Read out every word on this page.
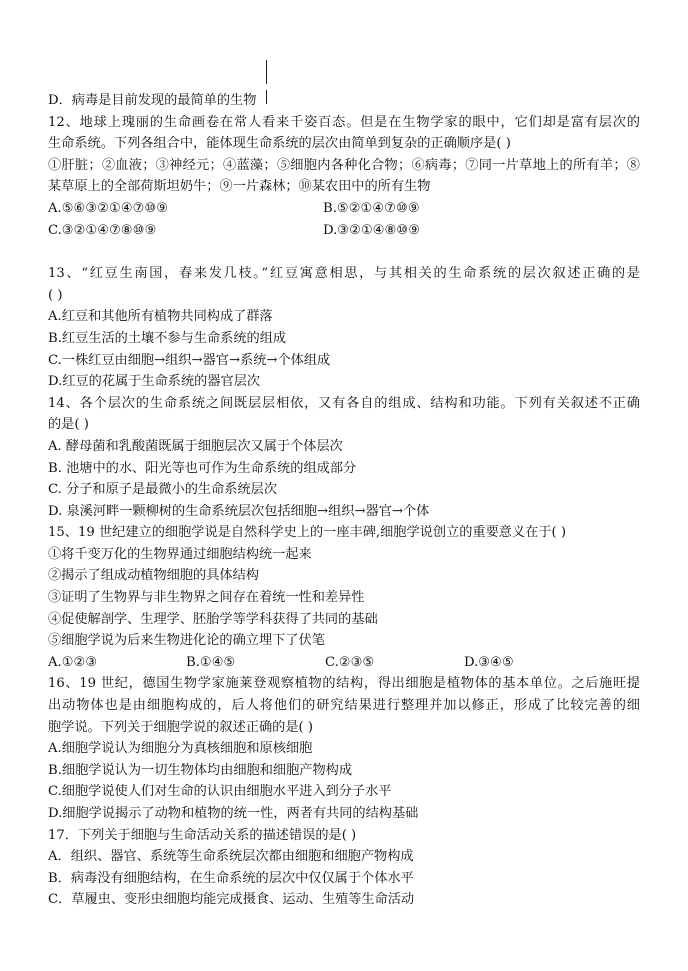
D．病毒是目前发现的最简单的生物
12、地球上瑰丽的生命画卷在常人看来千姿百态。但是在生物学家的眼中，它们却是富有层次的
生命系统。下列各组合中，能体现生命系统的层次由简单到复杂的正确顺序是( )
①肝脏；②血液；③神经元；④蓝藻；⑤细胞内各种化合物；⑥病毒；⑦同一片草地上的所有羊；⑧
某草原上的全部荷斯坦奶牛；⑨一片森林；⑩某农田中的所有生物
A.⑤⑥③②①④⑦⑩⑨	B.⑤②①④⑦⑩⑨
C.③②①④⑦⑧⑩⑨	D.③②①④⑧⑩⑨
13、“红豆生南国，春来发几枝。”红豆寓意相思，与其相关的生命系统的层次叙述正确的是
( )
A.红豆和其他所有植物共同构成了群落
B.红豆生活的土壤不参与生命系统的组成
C.一株红豆由细胞→组织→器官→系统→个体组成
D.红豆的花属于生命系统的器官层次
14、各个层次的生命系统之间既层层相依，又有各自的组成、结构和功能。下列有关叙述不正确
的是( )
A. 酵母菌和乳酸菌既属于细胞层次又属于个体层次
B. 池塘中的水、阳光等也可作为生命系统的组成部分
C. 分子和原子是最微小的生命系统层次
D. 泉溪河畔一颗柳树的生命系统层次包括细胞→组织→器官→个体
15、19 世纪建立的细胞学说是自然科学史上的一座丰碑,细胞学说创立的重要意义在于( )
①将千变万化的生物界通过细胞结构统一起来
②揭示了组成动植物细胞的具体结构
③证明了生物界与非生物界之间存在着统一性和差异性
④促使解剖学、生理学、胚胎学等学科获得了共同的基础
⑤细胞学说为后来生物进化论的确立埋下了伏笔
A.①②③	B.①④⑤	C.②③⑤	D.③④⑤
16、19 世纪，德国生物学家施莱登观察植物的结构，得出细胞是植物体的基本单位。之后施旺提
出动物体也是由细胞构成的，后人将他们的研究结果进行整理并加以修正，形成了比较完善的细
胞学说。下列关于细胞学说的叙述正确的是( )
A.细胞学说认为细胞分为真核细胞和原核细胞
B.细胞学说认为一切生物体均由细胞和细胞产物构成
C.细胞学说使人们对生命的认识由细胞水平进入到分子水平
D.细胞学说揭示了动物和植物的统一性，两者有共同的结构基础
17．下列关于细胞与生命活动关系的描述错误的是( )
A．组织、器官、系统等生命系统层次都由细胞和细胞产物构成
B．病毒没有细胞结构，在生命系统的层次中仅仅属于个体水平
C．草履虫、变形虫细胞均能完成摄食、运动、生殖等生命活动
